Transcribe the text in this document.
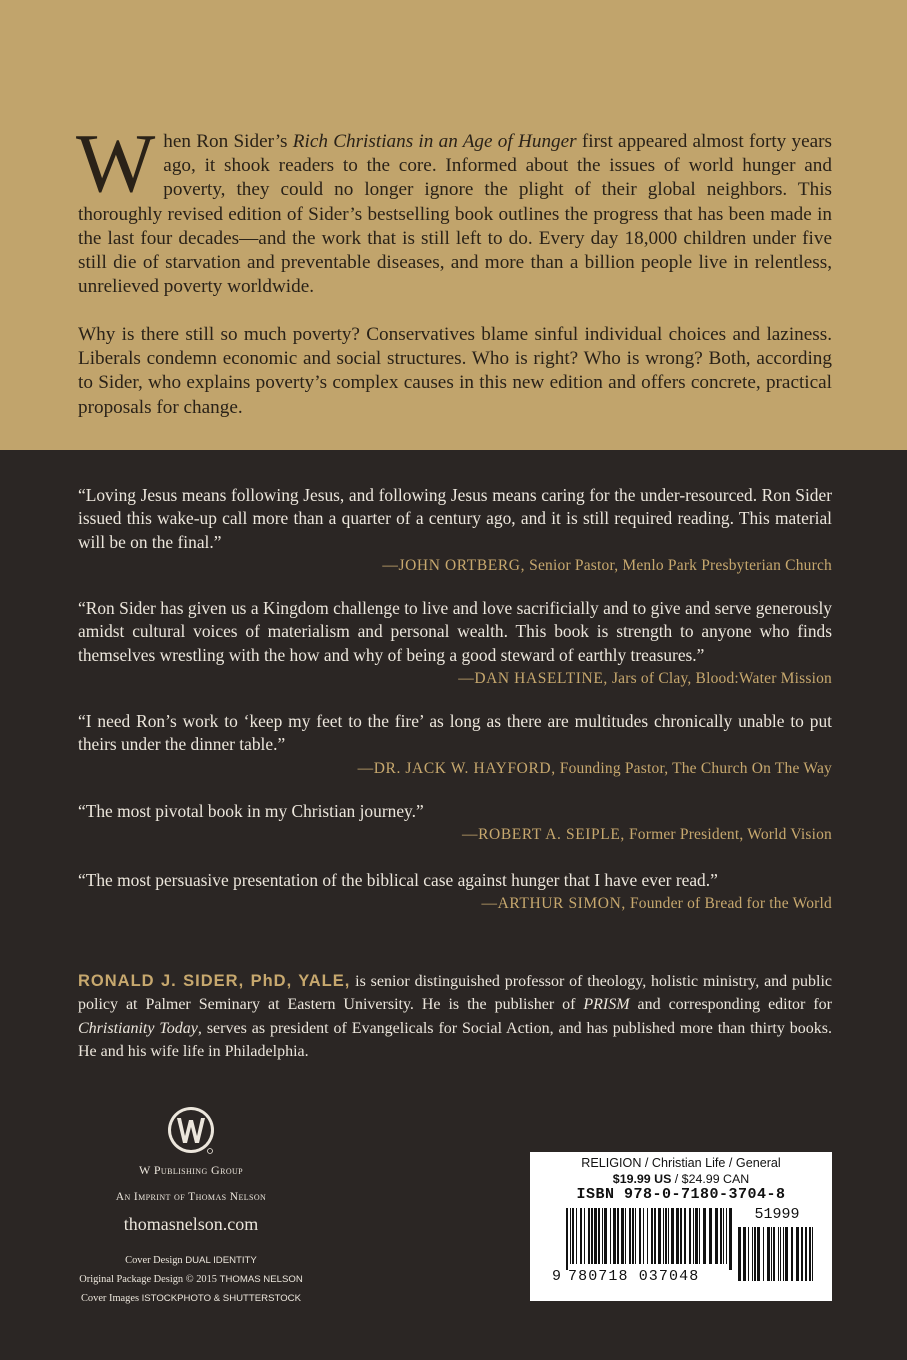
When Ron Sider’s Rich Christians in an Age of Hunger first appeared almost forty years ago, it shook readers to the core. Informed about the issues of world hunger and poverty, they could no longer ignore the plight of their global neighbors. This thoroughly revised edition of Sider’s bestselling book outlines the progress that has been made in the last four decades—and the work that is still left to do. Every day 18,000 children under five still die of starvation and preventable diseases, and more than a billion people live in relentless, unrelieved poverty worldwide.

Why is there still so much poverty? Conservatives blame sinful individual choices and laziness. Liberals condemn economic and social structures. Who is right? Who is wrong? Both, according to Sider, who explains poverty’s complex causes in this new edition and offers concrete, practical proposals for change.

“Loving Jesus means following Jesus, and following Jesus means caring for the under-resourced. Ron Sider issued this wake-up call more than a quarter of a century ago, and it is still required reading. This material will be on the final.”

—JOHN ORTBERG, Senior Pastor, Menlo Park Presbyterian Church

“Ron Sider has given us a Kingdom challenge to live and love sacrificially and to give and serve generously amidst cultural voices of materialism and personal wealth. This book is strength to anyone who finds themselves wrestling with the how and why of being a good steward of earthly treasures.”

—DAN HASELTINE, Jars of Clay, Blood:Water Mission

“I need Ron’s work to ‘keep my feet to the fire’ as long as there are multitudes chronically unable to put theirs under the dinner table.”

—DR. JACK W. HAYFORD, Founding Pastor, The Church On The Way

“The most pivotal book in my Christian journey.”

—ROBERT A. SEIPLE, Former President, World Vision

“The most persuasive presentation of the biblical case against hunger that I have ever read.”

—ARTHUR SIMON, Founder of Bread for the World
RONALD J. SIDER, PhD, YALE, is senior distinguished professor of theology, holistic ministry, and public policy at Palmer Seminary at Eastern University. He is the publisher of PRISM and corresponding editor for Christianity Today, serves as president of Evangelicals for Social Action, and has published more than thirty books. He and his wife life in Philadelphia.
W Publishing Group
An Imprint of Thomas Nelson
thomasnelson.com
Cover Design DUAL IDENTITY
Original Package Design © 2015 THOMAS NELSON
Cover Images ISTOCKPHOTO & SHUTTERSTOCK
RELIGION / Christian Life / General
$19.99 US / $24.99 CAN
ISBN 978-0-7180-3704-8
51999
9 780718 037048
